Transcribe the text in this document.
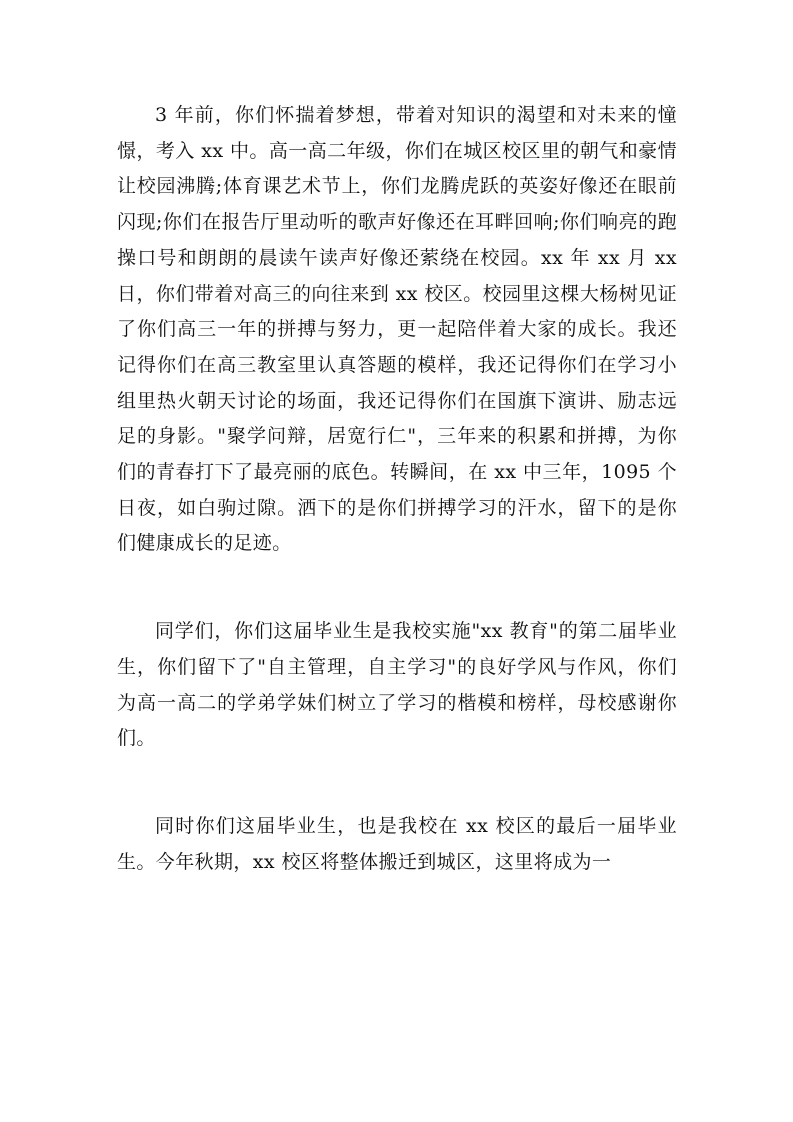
3 年前，你们怀揣着梦想，带着对知识的渴望和对未来的憧憬，考入 xx 中。高一高二年级，你们在城区校区里的朝气和豪情让校园沸腾;体育课艺术节上，你们龙腾虎跃的英姿好像还在眼前闪现;你们在报告厅里动听的歌声好像还在耳畔回响;你们响亮的跑操口号和朗朗的晨读午读声好像还萦绕在校园。xx 年 xx 月 xx 日，你们带着对高三的向往来到 xx 校区。校园里这棵大杨树见证了你们高三一年的拼搏与努力，更一起陪伴着大家的成长。我还记得你们在高三教室里认真答题的模样，我还记得你们在学习小组里热火朝天讨论的场面，我还记得你们在国旗下演讲、励志远足的身影。"聚学问辩，居宽行仁"，三年来的积累和拼搏，为你们的青春打下了最亮丽的底色。转瞬间，在 xx 中三年，1095 个日夜，如白驹过隙。洒下的是你们拼搏学习的汗水，留下的是你们健康成长的足迹。

同学们，你们这届毕业生是我校实施"xx 教育"的第二届毕业生，你们留下了"自主管理，自主学习"的良好学风与作风，你们为高一高二的学弟学妹们树立了学习的楷模和榜样，母校感谢你们。

同时你们这届毕业生，也是我校在 xx 校区的最后一届毕业生。今年秋期，xx 校区将整体搬迁到城区，这里将成为一
